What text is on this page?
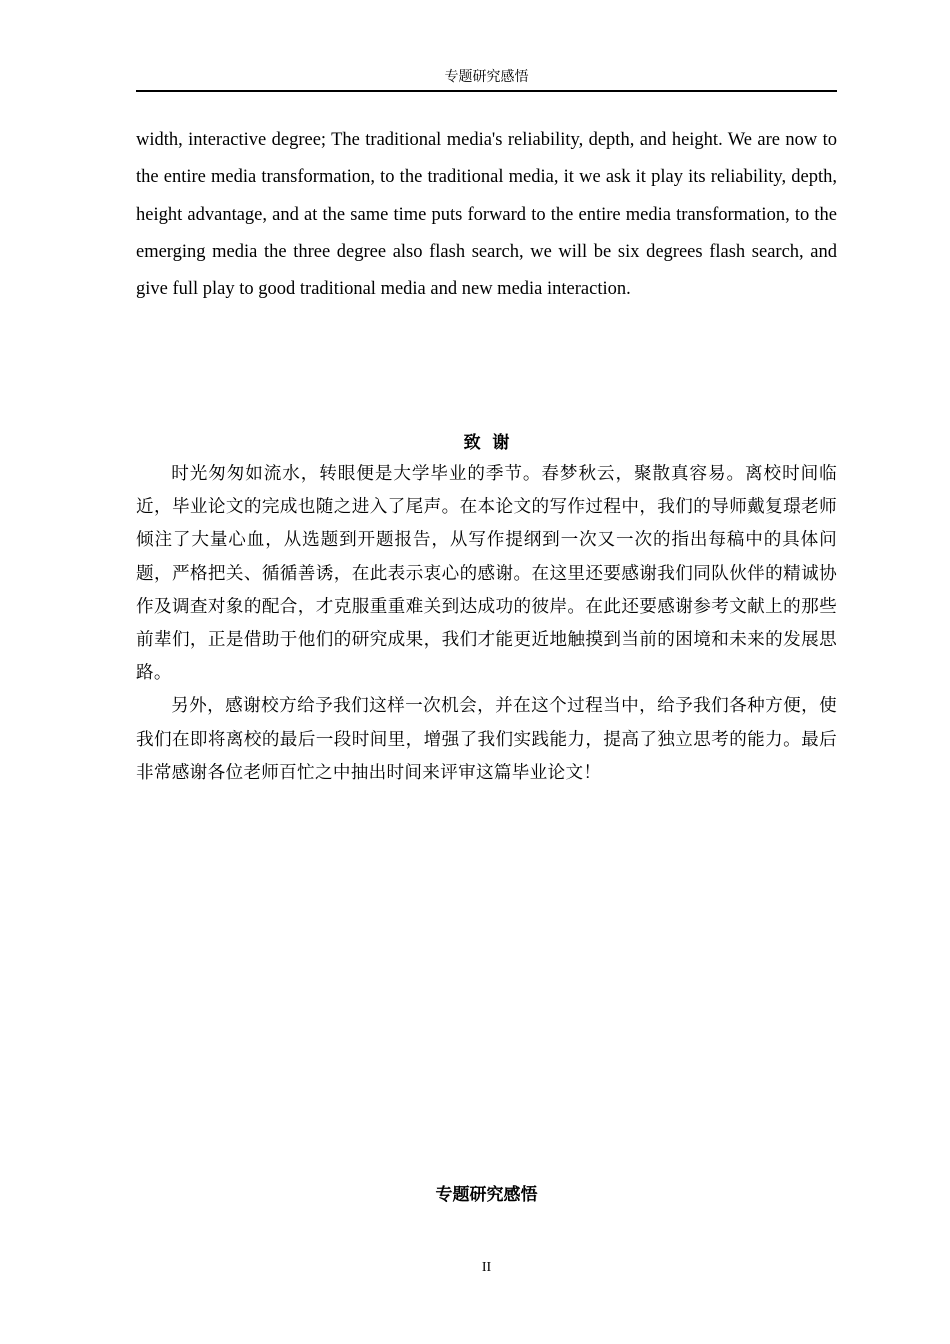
专题研究感悟

width, interactive degree; The traditional media's reliability, depth, and height. We are now to the entire media transformation, to the traditional media, it we ask it play its reliability, depth, height advantage, and at the same time puts forward to the entire media transformation, to the emerging media the three degree also flash search, we will be six degrees flash search, and give full play to good traditional media and new media interaction.

致  谢

时光匆匆如流水，转眼便是大学毕业的季节。春梦秋云，聚散真容易。离校时间临近，毕业论文的完成也随之进入了尾声。在本论文的写作过程中，我们的导师戴复璟老师倾注了大量心血，从选题到开题报告，从写作提纲到一次又一次的指出每稿中的具体问题，严格把关、循循善诱，在此表示衷心的感谢。在这里还要感谢我们同队伙伴的精诚协作及调查对象的配合，才克服重重难关到达成功的彼岸。在此还要感谢参考文献上的那些前辈们，正是借助于他们的研究成果，我们才能更近地触摸到当前的困境和未来的发展思路。

另外，感谢校方给予我们这样一次机会，并在这个过程当中，给予我们各种方便，使我们在即将离校的最后一段时间里，增强了我们实践能力，提高了独立思考的能力。最后非常感谢各位老师百忙之中抽出时间来评审这篇毕业论文！

专题研究感悟
II
